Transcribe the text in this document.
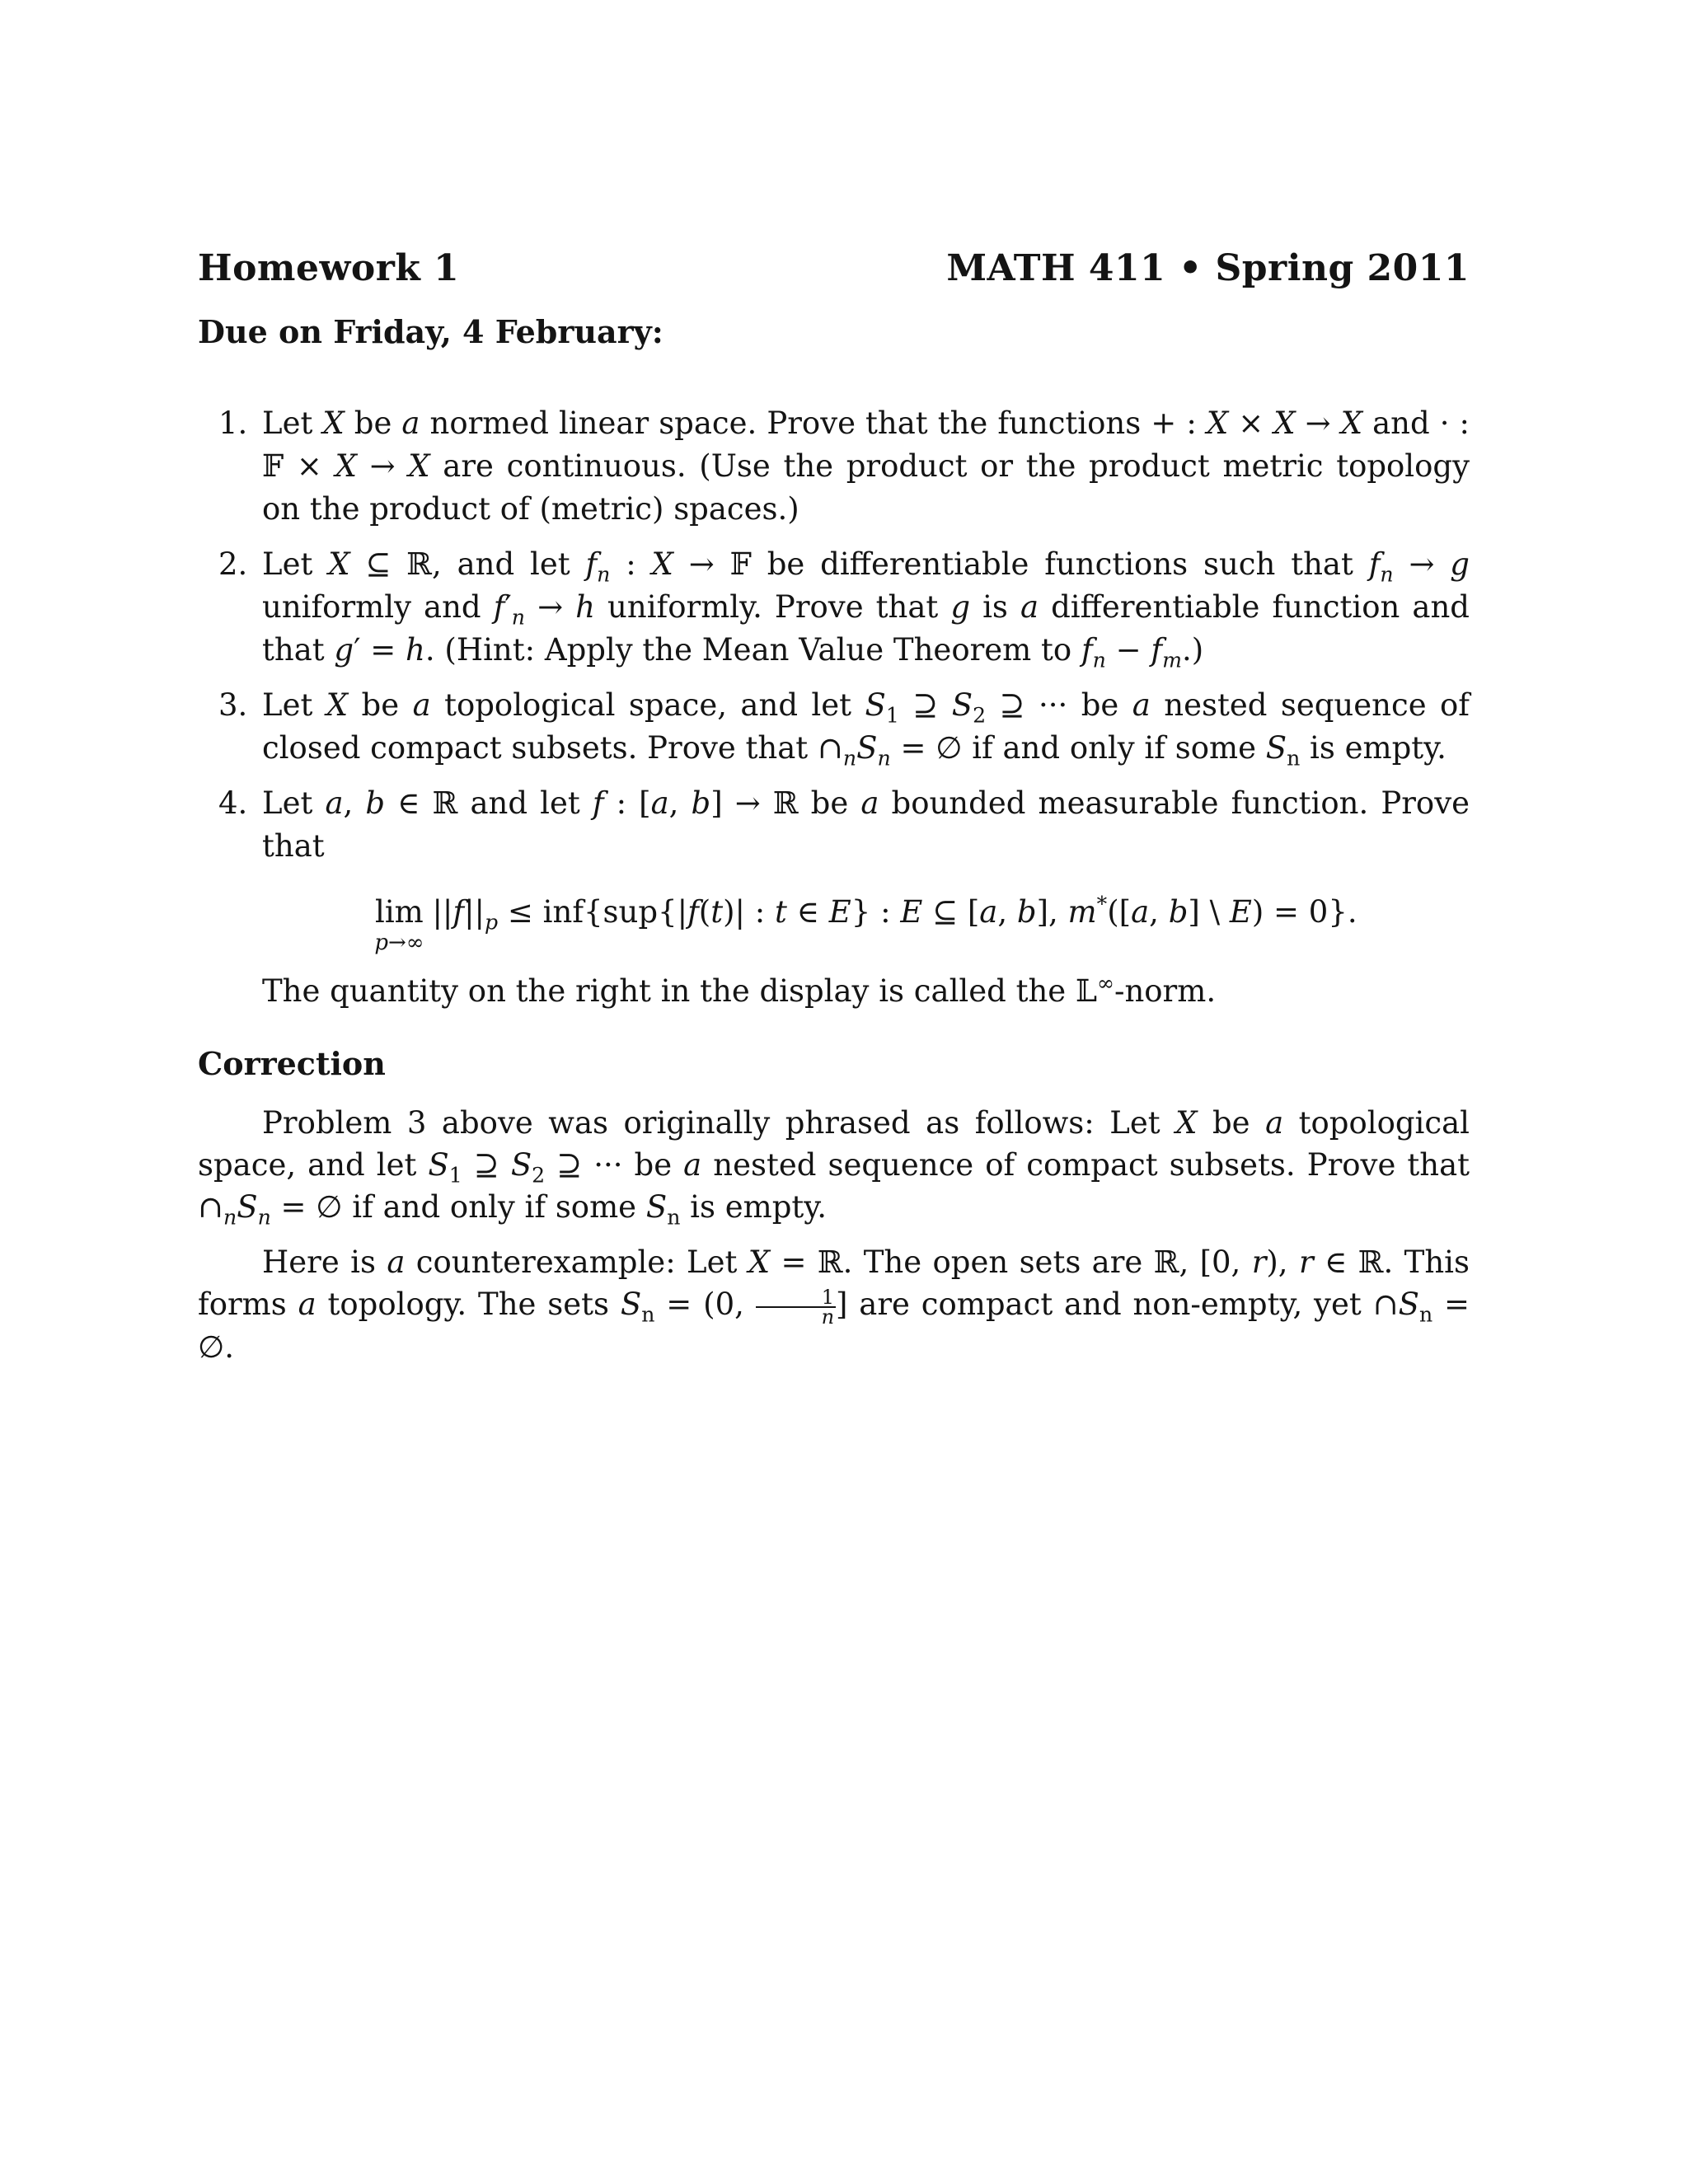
Homework 1	MATH 411 • Spring 2011
Due on Friday, 4 February:
1. Let X be a normed linear space. Prove that the functions + : X × X → X and · : 𝔽 × X → X are continuous. (Use the product or the product metric topology on the product of (metric) spaces.)
2. Let X ⊆ ℝ, and let $f_n$ : X → 𝔽 be differentiable functions such that $f_n \to g$ uniformly and $f'_n \to h$ uniformly. Prove that g is a differentiable function and that g′ = h. (Hint: Apply the Mean Value Theorem to $f_n - f_m$.)
3. Let X be a topological space, and let $S_1$ ⊇ $S_2$ ⊇ ··· be a nested sequence of closed compact subsets. Prove that $\cap_nS_n$ = ∅ if and only if some $S_n$ is empty.
4. Let a, b ∈ ℝ and let f : [a, b] → ℝ be a bounded measurable function. Prove that
lim
p→∞
$||f||_p \le inf\{sup\{|f(t)|$ : t ∈ E} : E ⊆ [a, b], m*([a, b] \ E) = 0}.
The quantity on the right in the display is called the 𝕃∞-norm.
Correction

Problem 3 above was originally phrased as follows: Let X be a topological space, and let $S_1$ ⊇ $S_2$ ⊇ ··· be a nested sequence of compact subsets. Prove that $\cap_nS_n$ = ∅ if and only if some $S_n$ is empty.

Here is a counterexample: Let X = ℝ. The open sets are ℝ, [0, r), r ∈ ℝ. This forms a topology. The sets $S_n = (0$, $\frac{1}{n}$ ] are compact and non-empty, yet $\cap S_n$ = ∅.
